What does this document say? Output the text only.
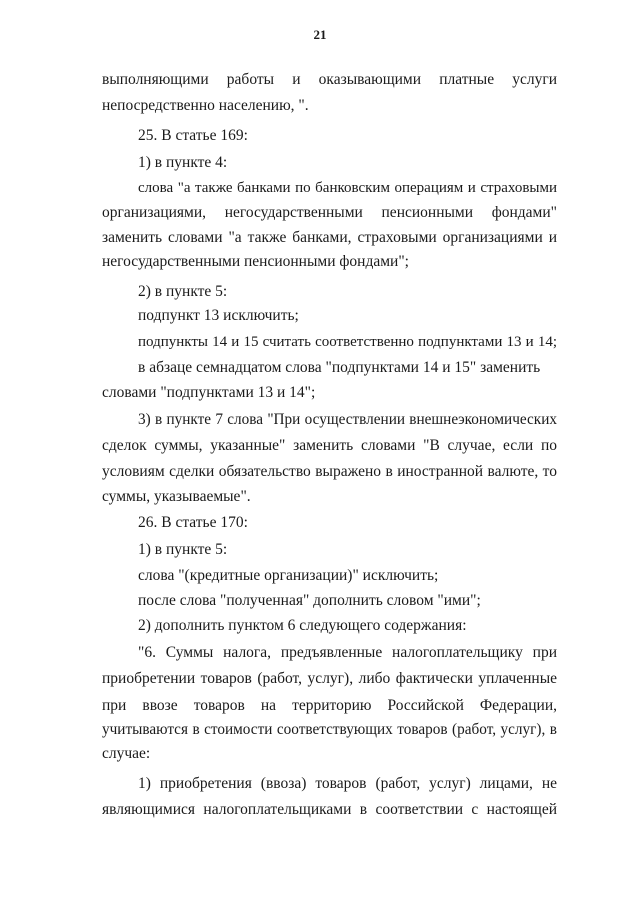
21
выполняющими работы и оказывающими платные услуги
непосредственно населению, ".
25. В статье 169:
1) в пункте 4:
слова "а также банками по банковским операциям и страховыми
организациями, негосударственными пенсионными фондами"
заменить словами "а также банками, страховыми организациями и
негосударственными пенсионными фондами";
2) в пункте 5:
подпункт 13 исключить;
подпункты 14 и 15 считать соответственно подпунктами 13 и 14;
в абзаце семнадцатом слова "подпунктами 14 и 15" заменить
словами "подпунктами 13 и 14";
3) в пункте 7 слова "При осуществлении внешнеэкономических
сделок суммы, указанные" заменить словами "В случае, если по
условиям сделки обязательство выражено в иностранной валюте, то
суммы, указываемые".
26. В статье 170:
1) в пункте 5:
слова "(кредитные организации)" исключить;
после слова "полученная" дополнить словом "ими";
2) дополнить пунктом 6 следующего содержания:
"6. Суммы налога, предъявленные налогоплательщику при
приобретении товаров (работ, услуг), либо фактически уплаченные
при ввозе товаров на территорию Российской Федерации,
учитываются в стоимости соответствующих товаров (работ, услуг), в
случае:
1) приобретения (ввоза) товаров (работ, услуг) лицами, не
являющимися налогоплательщиками в соответствии с настоящей
